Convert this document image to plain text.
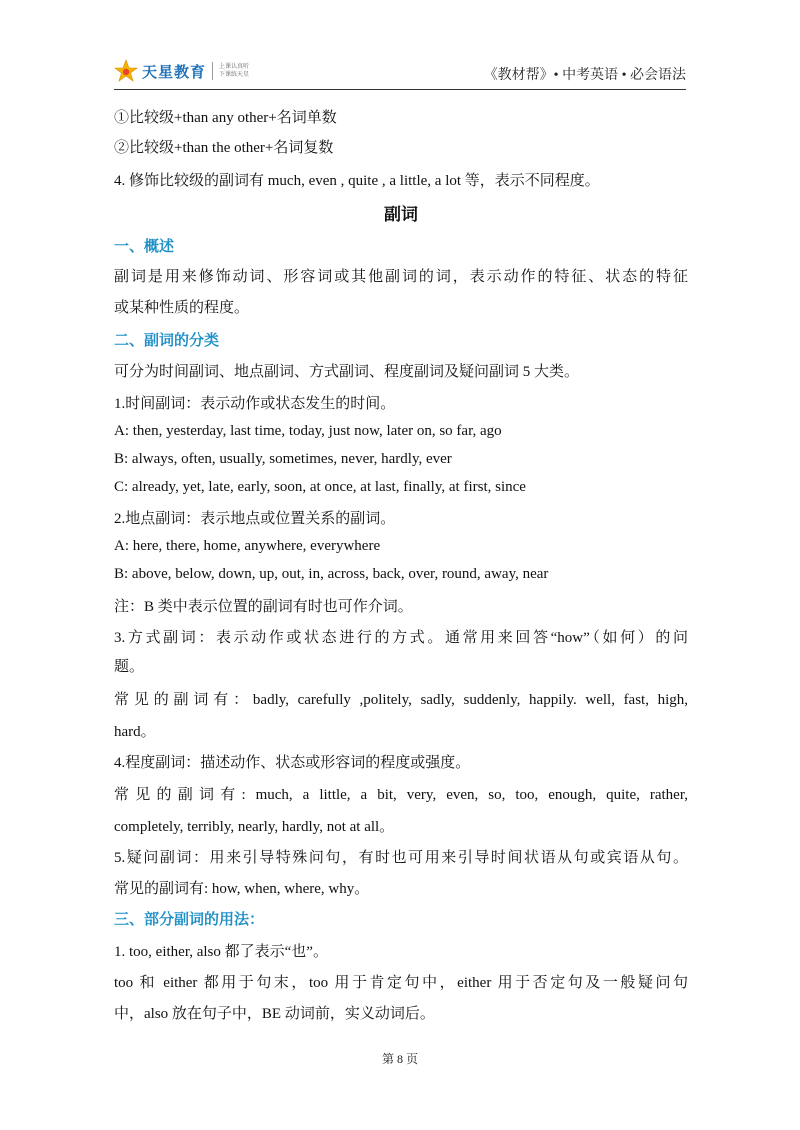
天星教育 上课认真听
下课练天星	《教材帮》• 中考英语 • 必会语法
①比较级+than any other+名词单数
②比较级+than the other+名词复数
4. 修饰比较级的副词有 much, even , quite , a little, a lot 等，表示不同程度。
副词
一、概述
副词是用来修饰动词、形容词或其他副词的词，表示动作的特征、状态的特征
或某种性质的程度。
二、副词的分类
可分为时间副词、地点副词、方式副词、程度副词及疑问副词 5 大类。
1.时间副词：表示动作或状态发生的时间。
A: then, yesterday, last time, today, just now, later on, so far, ago
B: always, often, usually, sometimes, never, hardly, ever
C: already, yet, late, early, soon, at once, at last, finally, at first, since
2.地点副词：表示地点或位置关系的副词。
A: here, there, home, anywhere, everywhere
B: above, below, down, up, out, in, across, back, over, round, away, near
注：B 类中表示位置的副词有时也可作介词。
3.方式副词：表示动作或状态进行的方式。通常用来回答“how”（如何）的问
题。
常见的副词有：badly, carefully ,politely, sadly, suddenly, happily. well, fast, high,
hard。
4.程度副词：描述动作、状态或形容词的程度或强度。
常见的副词有: much, a little, a bit, very, even, so, too, enough, quite, rather,
completely, terribly, nearly, hardly, not at all。
5.疑问副词：用来引导特殊问句，有时也可用来引导时间状语从句或宾语从句。
常见的副词有: how, when, where, why。
三、部分副词的用法：
1. too, either, also 都了表示“也”。
too 和 either 都用于句末，too 用于肯定句中，either 用于否定句及一般疑问句
中，also 放在句子中，BE 动词前，实义动词后。
第 8 页
